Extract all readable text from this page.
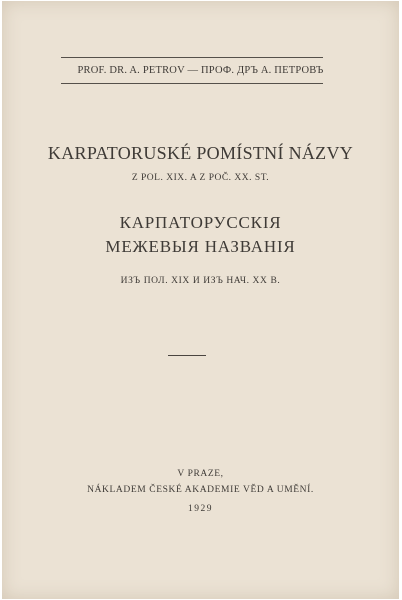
PROF. DR. A. PETROV — ПРОФ. ДРЪ А. ПЕТРОВЪ
KARPATORUSKÉ POMÍSTNÍ NÁZVY
Z POL. XIX. A Z POČ. XX. ST.
КАРПАТОРУССКІЯ
МЕЖЕВЫЯ НАЗВАНІЯ
ИЗЪ ПОЛ. XIX И ИЗЪ НАЧ. XX В.
V PRAZE,
NÁKLADEM ČESKÉ AKADEMIE VĚD A UMĚNÍ.
1929
